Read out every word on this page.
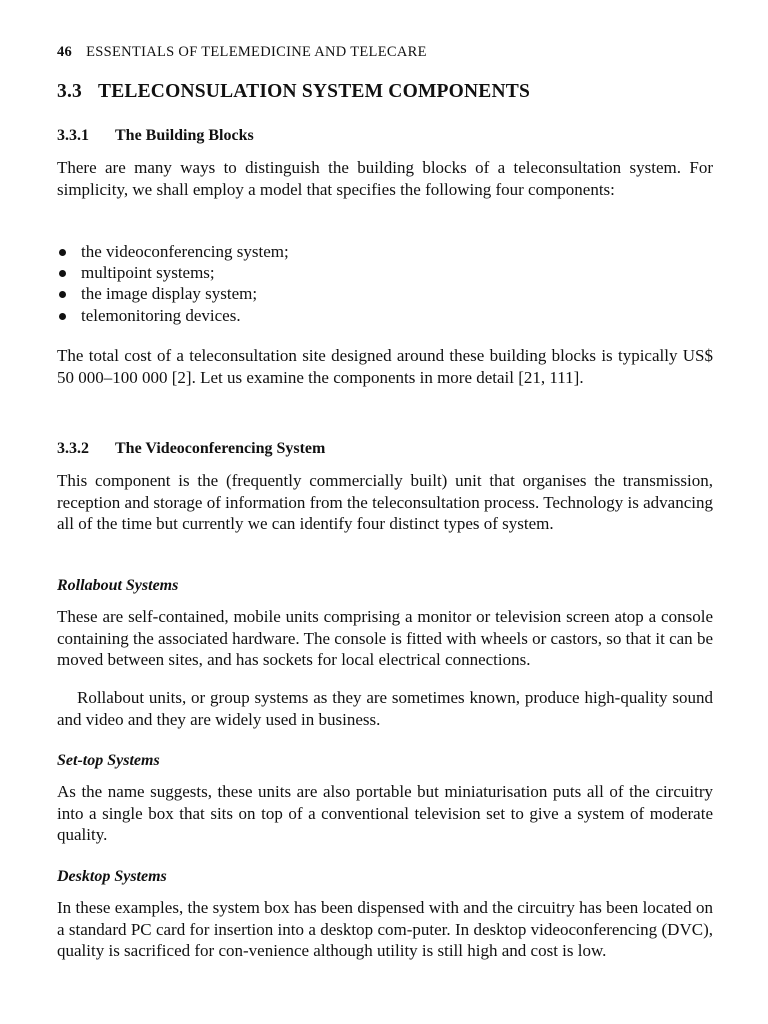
46 ESSENTIALS OF TELEMEDICINE AND TELECARE
3.3 TELECONSULATION SYSTEM COMPONENTS
3.3.1 The Building Blocks

There are many ways to distinguish the building blocks of a teleconsultation system. For simplicity, we shall employ a model that specifies the following four components:

the videoconferencing system;
multipoint systems;
the image display system;
telemonitoring devices.

The total cost of a teleconsultation site designed around these building blocks is typically US$ 50 000–100 000 [2]. Let us examine the components in more detail [21, 111].

3.3.2 The Videoconferencing System

This component is the (frequently commercially built) unit that organises the transmission, reception and storage of information from the teleconsultation process. Technology is advancing all of the time but currently we can identify four distinct types of system.

Rollabout Systems

These are self-contained, mobile units comprising a monitor or television screen atop a console containing the associated hardware. The console is fitted with wheels or castors, so that it can be moved between sites, and has sockets for local electrical connections.

Rollabout units, or group systems as they are sometimes known, produce high-quality sound and video and they are widely used in business.

Set-top Systems

As the name suggests, these units are also portable but miniaturisation puts all of the circuitry into a single box that sits on top of a conventional television set to give a system of moderate quality.

Desktop Systems

In these examples, the system box has been dispensed with and the circuitry has been located on a standard PC card for insertion into a desktop com-puter. In desktop videoconferencing (DVC), quality is sacrificed for con-venience although utility is still high and cost is low.
